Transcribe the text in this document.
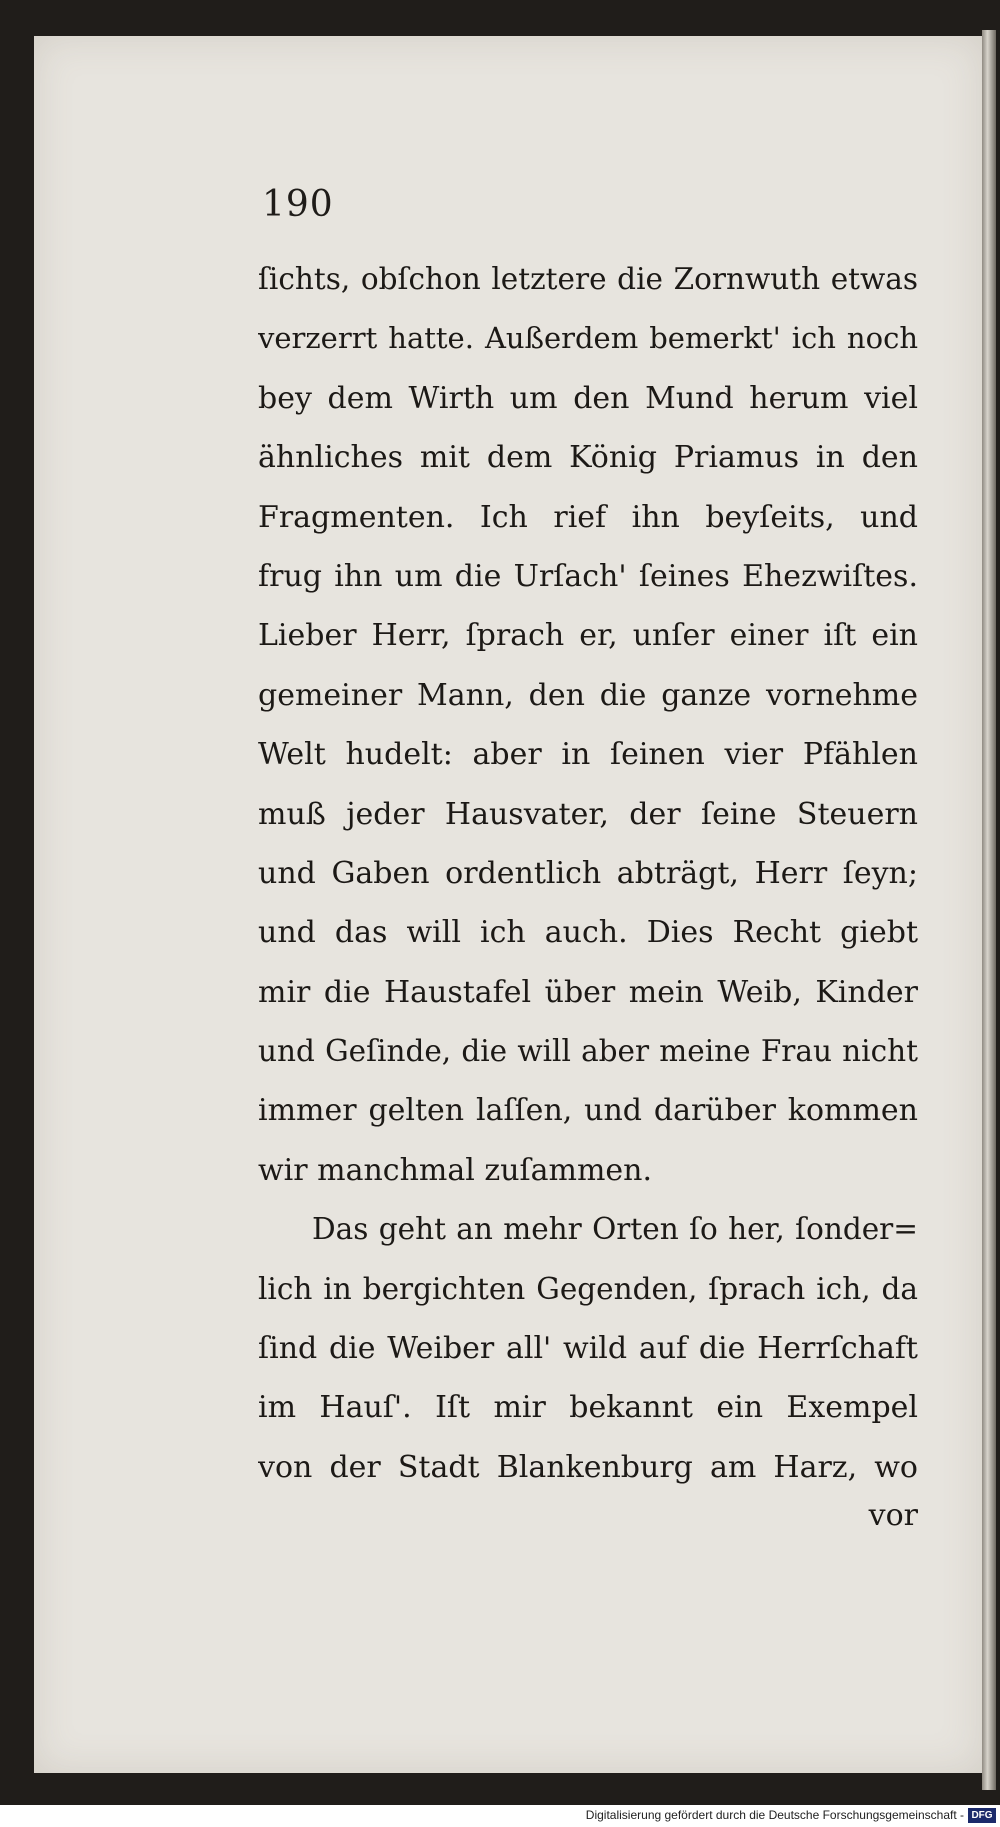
190
ſichts, obſchon letztere die Zornwuth etwas
verzerrt hatte. Außerdem bemerkt' ich noch
bey dem Wirth um den Mund herum viel
ähnliches mit dem König Priamus in den
Fragmenten. Ich rief ihn beyſeits, und
frug ihn um die Urſach' ſeines Ehezwiſtes.
Lieber Herr, ſprach er, unſer einer iſt ein
gemeiner Mann, den die ganze vornehme
Welt hudelt: aber in ſeinen vier Pfählen
muß jeder Hausvater, der ſeine Steuern
und Gaben ordentlich abträgt, Herr ſeyn;
und das will ich auch. Dies Recht giebt
mir die Haustafel über mein Weib, Kinder
und Geſinde, die will aber meine Frau nicht
immer gelten laſſen, und darüber kommen
wir manchmal zuſammen.
Das geht an mehr Orten ſo her, ſonder=
lich in bergichten Gegenden, ſprach ich, da
ſind die Weiber all' wild auf die Herrſchaft
im Hauſ'. Iſt mir bekannt ein Exempel
von der Stadt Blankenburg am Harz, wo
vor
Digitalisierung gefördert durch die Deutsche Forschungsgemeinschaft - DFG
